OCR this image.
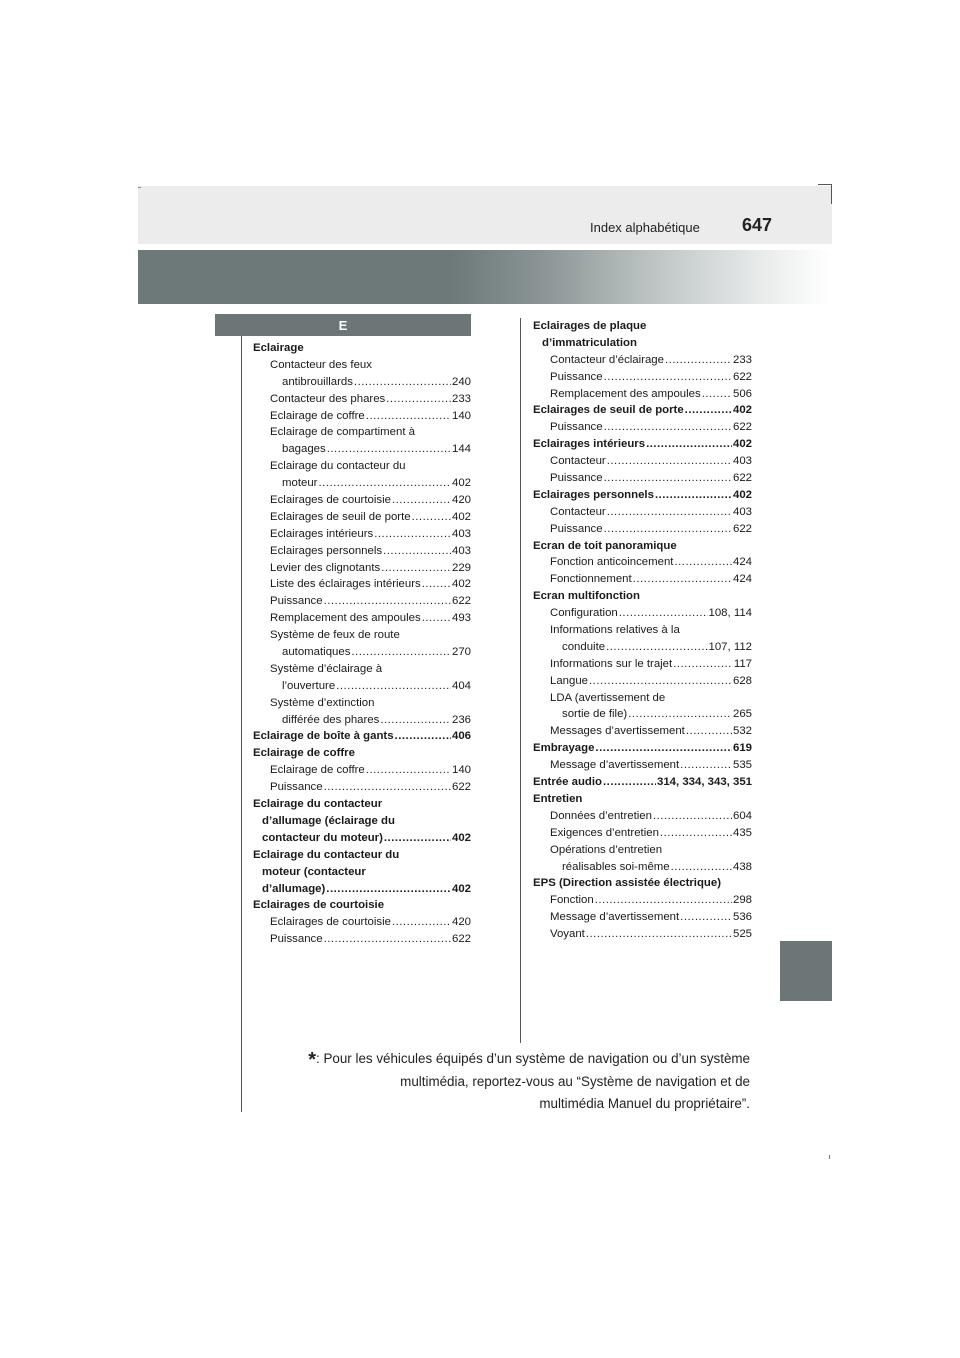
Index alphabétique 647
E
Eclairage
Contacteur des feux
antibrouillards .....	240
Contacteur des phares .....	233
Eclairage de coffre .....	140
Eclairage de compartiment à
bagages .....	144
Eclairage du contacteur du
moteur .....	402
Eclairages de courtoisie .....	420
Eclairages de seuil de porte .....	402
Eclairages intérieurs .....	403
Eclairages personnels .....	403
Levier des clignotants .....	229
Liste des éclairages intérieurs .....	402
Puissance .....	622
Remplacement des ampoules .....	493
Système de feux de route
automatiques .....	270
Système d’éclairage à
l’ouverture .....	404
Système d’extinction
différée des phares .....	236
Eclairage de boîte à gants .....	406
Eclairage de coffre
Eclairage de coffre .....	140
Puissance .....	622
Eclairage du contacteur
d’allumage (éclairage du
contacteur du moteur) .....	402
Eclairage du contacteur du
moteur (contacteur
d’allumage) .....	402
Eclairages de courtoisie
Eclairages de courtoisie .....	420
Puissance .....	622
Eclairages de plaque
d’immatriculation
Contacteur d’éclairage .....	233
Puissance .....	622
Remplacement des ampoules .....	506
Eclairages de seuil de porte .....	402
Puissance .....	622
Eclairages intérieurs .....	402
Contacteur .....	403
Puissance .....	622
Eclairages personnels .....	402
Contacteur .....	403
Puissance .....	622
Ecran de toit panoramique
Fonction anticoincement .....	424
Fonctionnement .....	424
Ecran multifonction
Configuration .....	108, 114
Informations relatives à la
conduite .....	107, 112
Informations sur le trajet .....	117
Langue .....	628
LDA (avertissement de
sortie de file) .....	265
Messages d’avertissement .....	532
Embrayage .....	619
Message d’avertissement .....	535
Entrée audio .....	314, 334, 343, 351
Entretien
Données d’entretien .....	604
Exigences d’entretien .....	435
Opérations d’entretien
réalisables soi-même .....	438
EPS (Direction assistée électrique)
Fonction .....	298
Message d’avertissement .....	536
Voyant .....	525
*: Pour les véhicules équipés d’un système de navigation ou d’un système
multimédia, reportez-vous au “Système de navigation et de
multimédia Manuel du propriétaire”.
